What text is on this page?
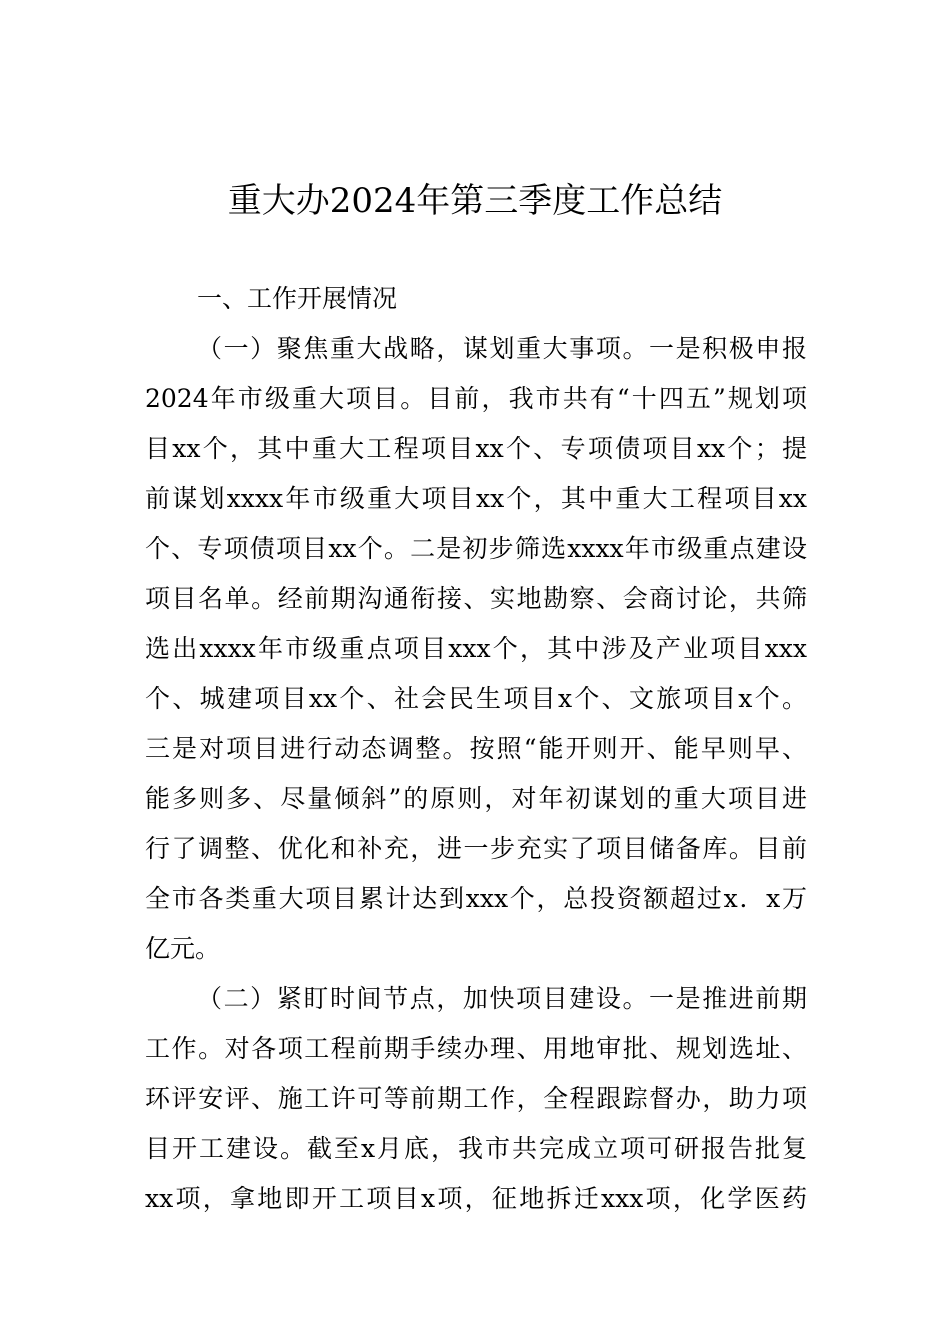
重大办2024年第三季度工作总结
一、工作开展情况
（一）聚焦重大战略，谋划重大事项。一是积极申报
2024年市级重大项目。目前，我市共有“十四五”规划项
目xx个，其中重大工程项目xx个、专项债项目xx个；提
前谋划xxxx年市级重大项目xx个，其中重大工程项目xx
个、专项债项目xx个。二是初步筛选xxxx年市级重点建设
项目名单。经前期沟通衔接、实地勘察、会商讨论，共筛
选出xxxx年市级重点项目xxx个，其中涉及产业项目xxx
个、城建项目xx个、社会民生项目x个、文旅项目x个。
三是对项目进行动态调整。按照“能开则开、能早则早、
能多则多、尽量倾斜”的原则，对年初谋划的重大项目进
行了调整、优化和补充，进一步充实了项目储备库。目前
全市各类重大项目累计达到xxx个，总投资额超过x．x万
亿元。
（二）紧盯时间节点，加快项目建设。一是推进前期
工作。对各项工程前期手续办理、用地审批、规划选址、
环评安评、施工许可等前期工作，全程跟踪督办，助力项
目开工建设。截至x月底，我市共完成立项可研报告批复
xx项，拿地即开工项目x项，征地拆迁xxx项，化学医药
